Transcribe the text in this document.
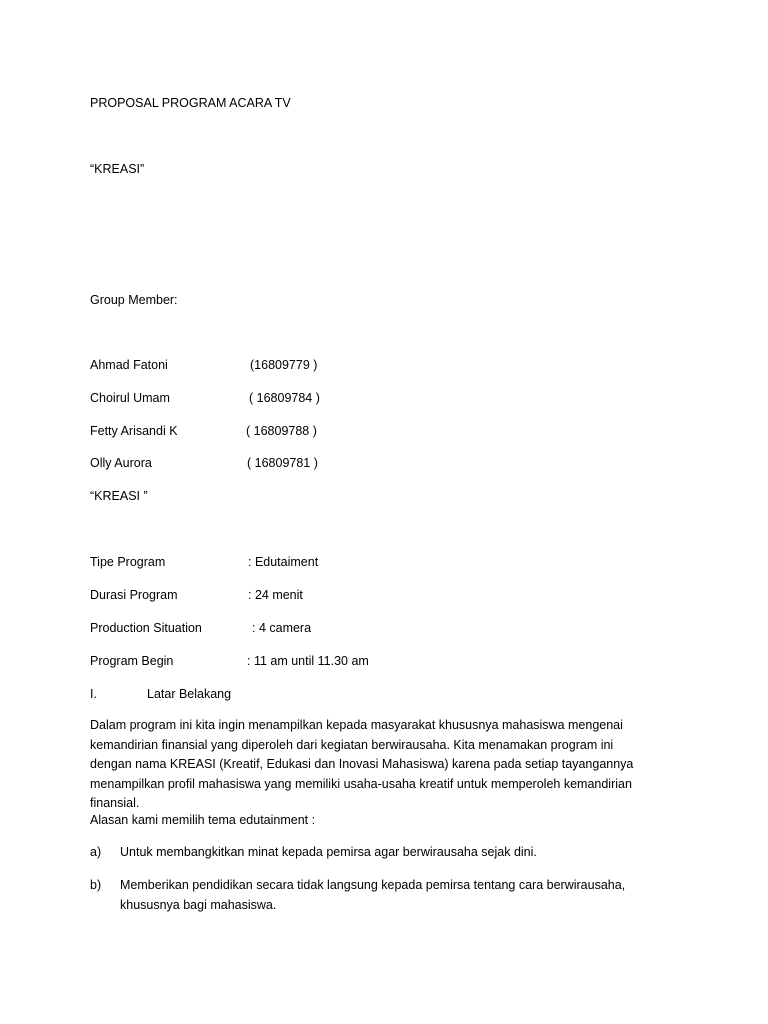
PROPOSAL PROGRAM ACARA TV
“KREASI”
Group Member:
Ahmad Fatoni	(16809779 )
Choirul Umam	( 16809784 )
Fetty Arisandi K	( 16809788 )
Olly Aurora	( 16809781 )
“KREASI ”
Tipe Program	: Edutaiment
Durasi Program	: 24 menit
Production Situation	: 4 camera
Program Begin	: 11 am until 11.30 am
I.	Latar Belakang
Dalam program ini kita ingin menampilkan kepada masyarakat khususnya mahasiswa mengenai kemandirian finansial yang diperoleh dari kegiatan berwirausaha. Kita menamakan program ini dengan nama KREASI (Kreatif, Edukasi dan Inovasi Mahasiswa) karena pada setiap tayangannya menampilkan profil mahasiswa yang memiliki usaha-usaha kreatif untuk memperoleh kemandirian finansial.
Alasan kami memilih tema edutainment :
a) Untuk membangkitkan minat kepada pemirsa agar berwirausaha sejak dini.
b) Memberikan pendidikan secara tidak langsung kepada pemirsa tentang cara berwirausaha, khususnya bagi mahasiswa.
